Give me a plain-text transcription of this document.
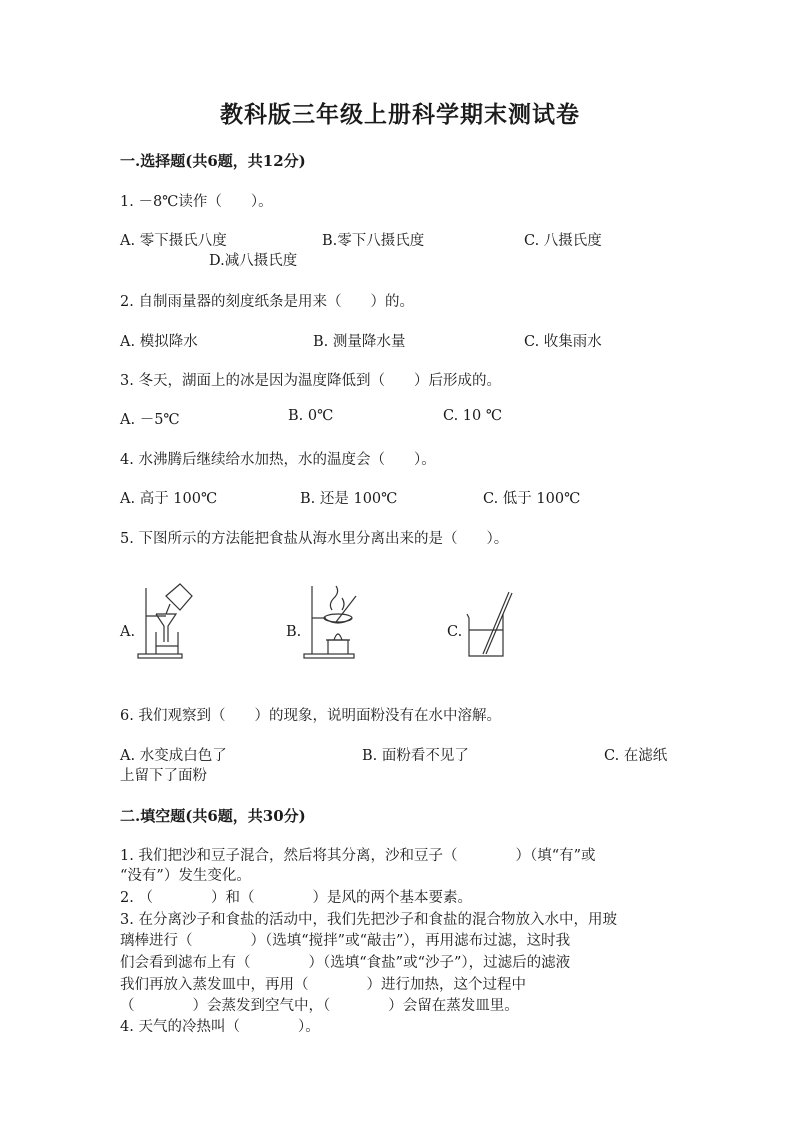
教科版三年级上册科学期末测试卷
一.选择题(共6题，共12分)
1. －8℃读作（　　）。
A. 零下摄氏八度	B.零下八摄氏度	C. 八摄氏度
D.减八摄氏度
2. 自制雨量器的刻度纸条是用来（　　）的。
A. 模拟降水	B. 测量降水量	C. 收集雨水
3. 冬天，湖面上的冰是因为温度降低到（　　）后形成的。
A. －5℃	B. 0℃	C. 10 ℃
4. 水沸腾后继续给水加热，水的温度会（　　）。
A. 高于 100℃	B. 还是 100℃	C. 低于 100℃
5. 下图所示的方法能把食盐从海水里分离出来的是（　　）。
A.	B.	C.
6. 我们观察到（　　）的现象，说明面粉没有在水中溶解。
A. 水变成白色了	B. 面粉看不见了	C. 在滤纸
上留下了面粉
二.填空题(共6题，共30分)
1. 我们把沙和豆子混合，然后将其分离，沙和豆子（　　　　）（填“有”或
“没有”）发生变化。
2. （　　　　）和（　　　　）是风的两个基本要素。
3. 在分离沙子和食盐的活动中，我们先把沙子和食盐的混合物放入水中，用玻
璃棒进行（　　　　）（选填“搅拌”或“敲击”），再用滤布过滤，这时我
们会看到滤布上有（　　　　）（选填“食盐”或“沙子”），过滤后的滤液
我们再放入蒸发皿中，再用（　　　　）进行加热，这个过程中
（　　　　）会蒸发到空气中，（　　　　）会留在蒸发皿里。
4. 天气的冷热叫（　　　　）。
